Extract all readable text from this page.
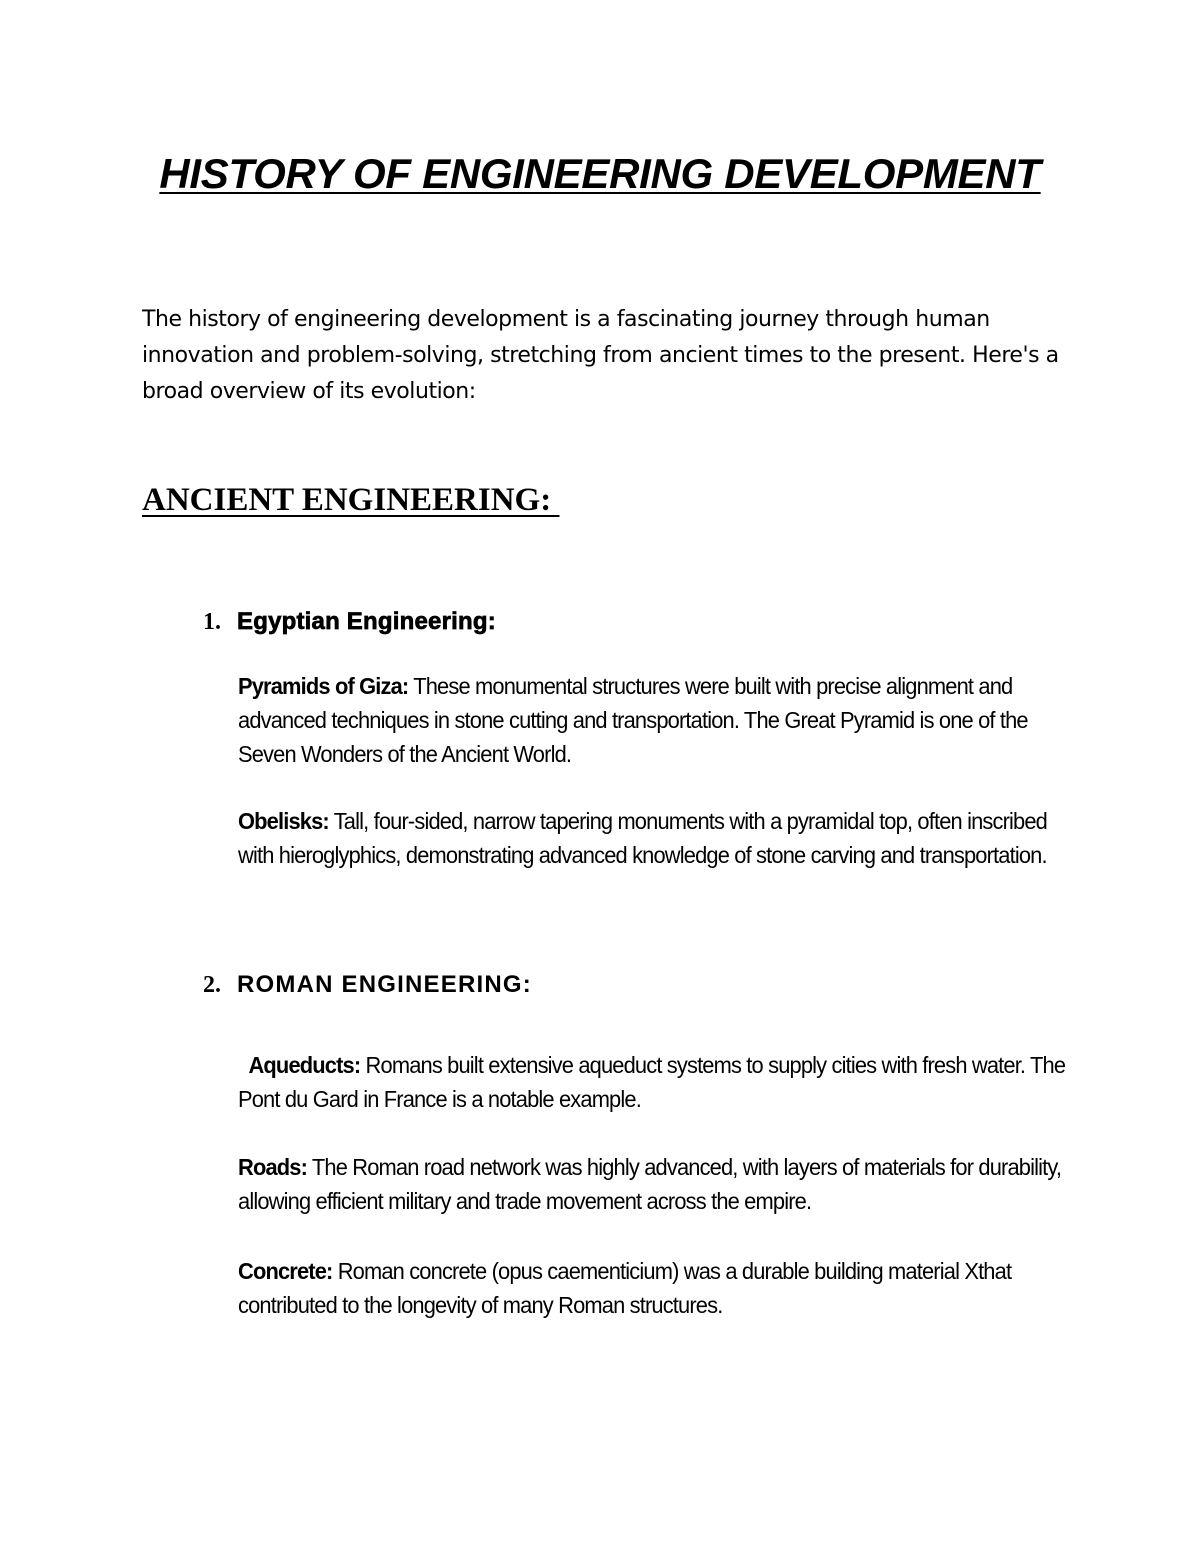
HISTORY OF ENGINEERING DEVELOPMENT

The history of engineering development is a fascinating journey through human innovation and problem-solving, stretching from ancient times to the present. Here's a broad overview of its evolution:

ANCIENT ENGINEERING:
1. Egyptian Engineering:

Pyramids of Giza: These monumental structures were built with precise alignment and advanced techniques in stone cutting and transportation. The Great Pyramid is one of the Seven Wonders of the Ancient World.

Obelisks: Tall, four-sided, narrow tapering monuments with a pyramidal top, often inscribed with hieroglyphics, demonstrating advanced knowledge of stone carving and transportation.

2. ROMAN ENGINEERING:

Aqueducts: Romans built extensive aqueduct systems to supply cities with fresh water. The Pont du Gard in France is a notable example.

Roads: The Roman road network was highly advanced, with layers of materials for durability, allowing efficient military and trade movement across the empire.

Concrete: Roman concrete (opus caementicium) was a durable building material Xthat contributed to the longevity of many Roman structures.
